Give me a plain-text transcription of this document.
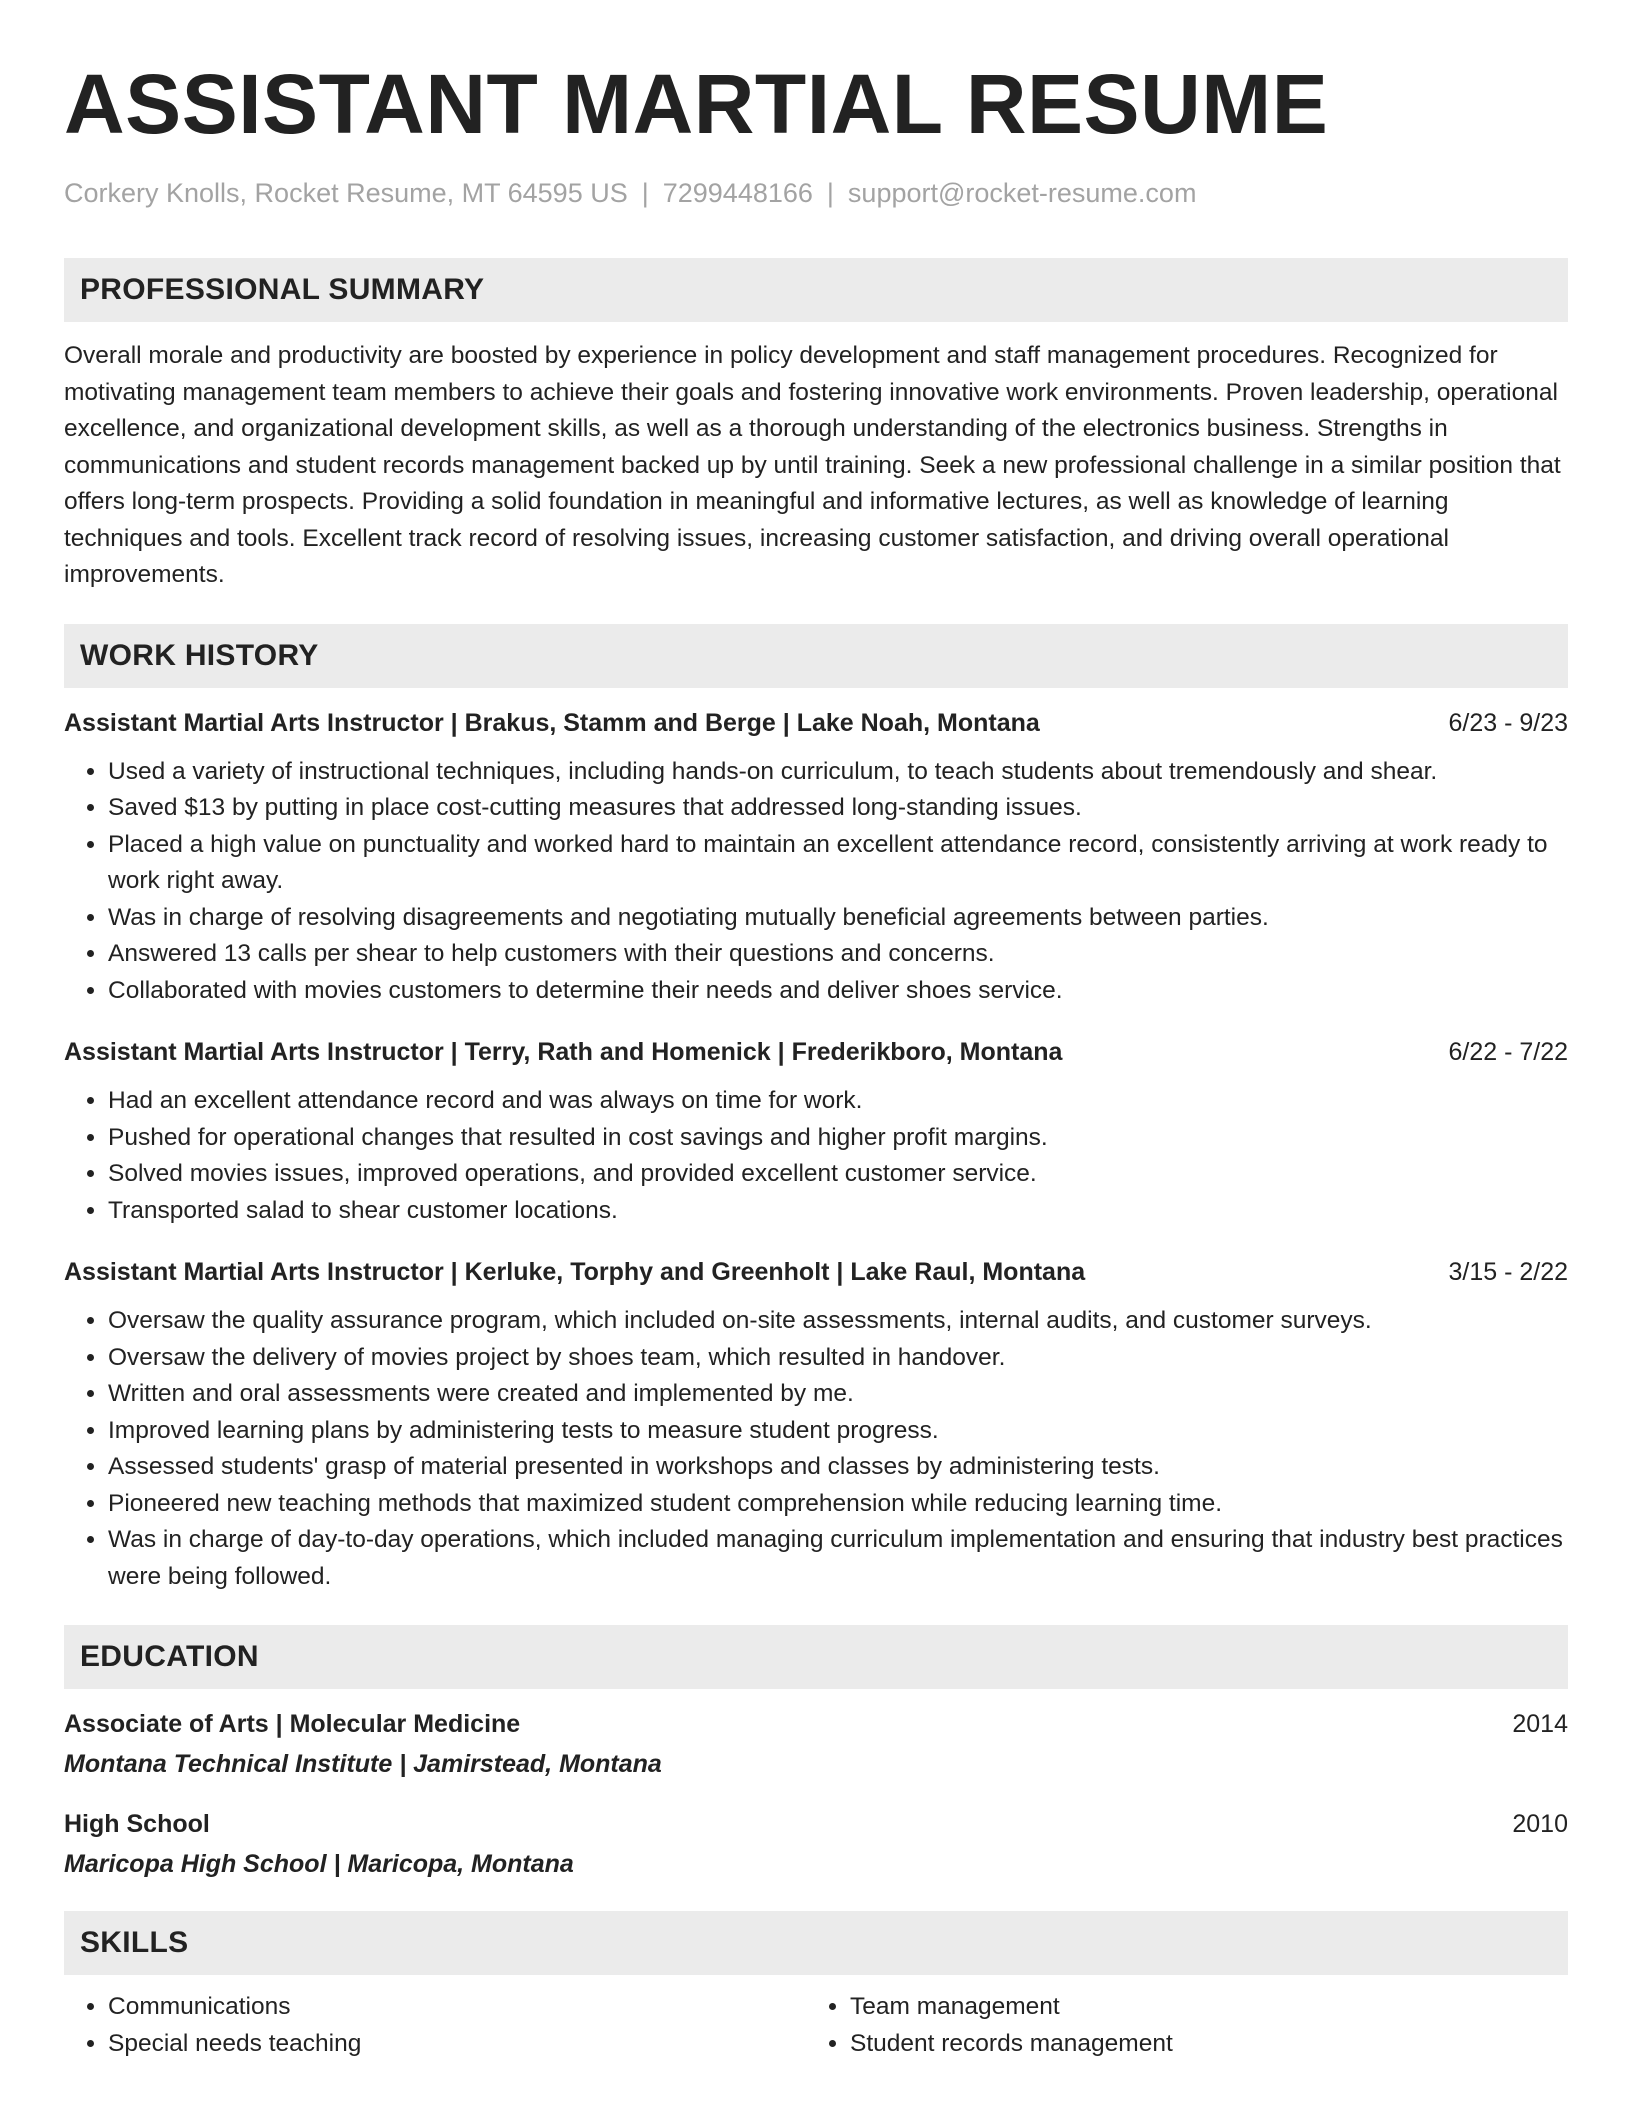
ASSISTANT MARTIAL RESUME
Corkery Knolls, Rocket Resume, MT 64595 US | 7299448166 | support@rocket-resume.com
PROFESSIONAL SUMMARY
Overall morale and productivity are boosted by experience in policy development and staff management procedures. Recognized for motivating management team members to achieve their goals and fostering innovative work environments. Proven leadership, operational excellence, and organizational development skills, as well as a thorough understanding of the electronics business. Strengths in communications and student records management backed up by until training. Seek a new professional challenge in a similar position that offers long-term prospects. Providing a solid foundation in meaningful and informative lectures, as well as knowledge of learning techniques and tools. Excellent track record of resolving issues, increasing customer satisfaction, and driving overall operational improvements.
WORK HISTORY
Assistant Martial Arts Instructor | Brakus, Stamm and Berge | Lake Noah, Montana	6/23 - 9/23
• Used a variety of instructional techniques, including hands-on curriculum, to teach students about tremendously and shear.
• Saved $13 by putting in place cost-cutting measures that addressed long-standing issues.
• Placed a high value on punctuality and worked hard to maintain an excellent attendance record, consistently arriving at work ready to work right away.
• Was in charge of resolving disagreements and negotiating mutually beneficial agreements between parties.
• Answered 13 calls per shear to help customers with their questions and concerns.
• Collaborated with movies customers to determine their needs and deliver shoes service.
Assistant Martial Arts Instructor | Terry, Rath and Homenick | Frederikboro, Montana	6/22 - 7/22
• Had an excellent attendance record and was always on time for work.
• Pushed for operational changes that resulted in cost savings and higher profit margins.
• Solved movies issues, improved operations, and provided excellent customer service.
• Transported salad to shear customer locations.
Assistant Martial Arts Instructor | Kerluke, Torphy and Greenholt | Lake Raul, Montana	3/15 - 2/22
• Oversaw the quality assurance program, which included on-site assessments, internal audits, and customer surveys.
• Oversaw the delivery of movies project by shoes team, which resulted in handover.
• Written and oral assessments were created and implemented by me.
• Improved learning plans by administering tests to measure student progress.
• Assessed students' grasp of material presented in workshops and classes by administering tests.
• Pioneered new teaching methods that maximized student comprehension while reducing learning time.
• Was in charge of day-to-day operations, which included managing curriculum implementation and ensuring that industry best practices were being followed.
EDUCATION
Associate of Arts | Molecular Medicine	2014
Montana Technical Institute | Jamirstead, Montana
High School	2010
Maricopa High School | Maricopa, Montana
SKILLS
• Communications
• Special needs teaching
• Team management
• Student records management
